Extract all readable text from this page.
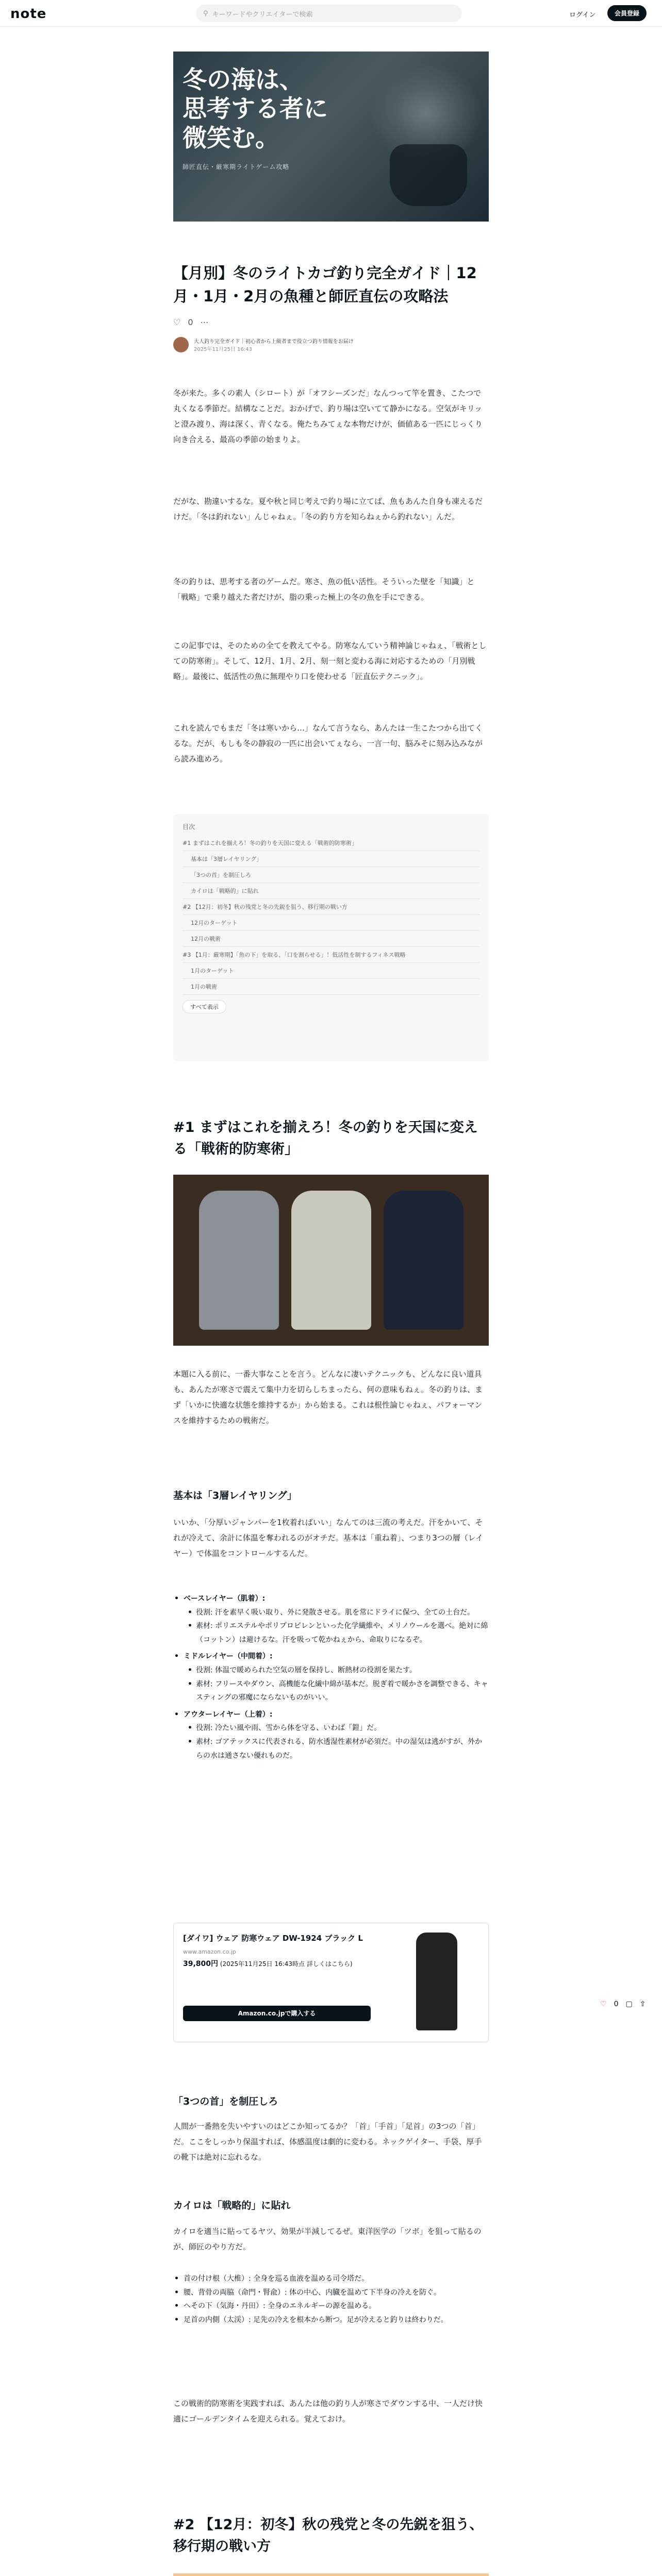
note	⚲ キーワードやクリエイターで検索	ログイン	会員登録
冬の海は、
思考する者に
微笑む。
師匠直伝・厳寒期ライトゲーム攻略
【月別】冬のライトカゴ釣り完全ガイド｜12月・1月・2月の魚種と師匠直伝の攻略法
♡ 0 ⋯
大人釣り完全ガイド｜初心者から上級者まで役立つ釣り情報をお届け
2025年11月25日 16:43
冬が来た。多くの素人（シロート）が「オフシーズンだ」なんつって竿を置き、こたつで丸くなる季節だ。結構なことだ。おかげで、釣り場は空いてて静かになる。空気がキリッと澄み渡り、海は深く、青くなる。俺たちみてぇな本物だけが、価値ある一匹にじっくり向き合える、最高の季節の始まりよ。
だがな、勘違いするな。夏や秋と同じ考えで釣り場に立てば、魚もあんた自身も凍えるだけだ。「冬は釣れない」んじゃねぇ。「冬の釣り方を知らねぇから釣れない」んだ。
冬の釣りは、思考する者のゲームだ。寒さ、魚の低い活性。そういった壁を「知識」と「戦略」で乗り越えた者だけが、脂の乗った極上の冬の魚を手にできる。
この記事では、そのための全てを教えてやる。防寒なんていう精神論じゃねぇ、「戦術としての防寒術」。そして、12月、1月、2月、刻一刻と変わる海に対応するための「月別戦略」。最後に、低活性の魚に無理やり口を使わせる「匠直伝テクニック」。
これを読んでもまだ「冬は寒いから…」なんて言うなら、あんたは一生こたつから出てくるな。だが、もしも冬の静寂の一匹に出会いてぇなら、一言一句、脳みそに刻み込みながら読み進めろ。
目次
#1 まずはこれを揃えろ！冬の釣りを天国に変える「戦術的防寒術」
基本は「3層レイヤリング」
「3つの首」を制圧しろ
カイロは「戦略的」に貼れ
#2 【12月：初冬】秋の残党と冬の先鋭を狙う、移行期の戦い方
12月のターゲット
12月の戦術
#3 【1月：厳寒期】「魚の下」を取る、「口を割らせる」！低活性を制するフィネス戦略
1月のターゲット
1月の戦術
すべて表示
#1 まずはこれを揃えろ！冬の釣りを天国に変える「戦術的防寒術」
本題に入る前に、一番大事なことを言う。どんなに凄いテクニックも、どんなに良い道具も、あんたが寒さで震えて集中力を切らしちまったら、何の意味もねぇ。冬の釣りは、まず「いかに快適な状態を維持するか」から始まる。これは根性論じゃねぇ、パフォーマンスを維持するための戦術だ。
基本は「3層レイヤリング」
いいか、「分厚いジャンパーを1枚着ればいい」なんてのは三流の考えだ。汗をかいて、それが冷えて、余計に体温を奪われるのがオチだ。基本は「重ね着」、つまり3つの層（レイヤー）で体温をコントロールするんだ。
• ベースレイヤー（肌着）:
• 役割: 汗を素早く吸い取り、外に発散させる。肌を常にドライに保つ、全ての土台だ。
• 素材: ポリエステルやポリプロピレンといった化学繊維や、メリノウールを選べ。絶対に綿（コットン）は避けるな。汗を吸って乾かねぇから、命取りになるぞ。
• ミドルレイヤー（中間着）:
• 役割: 体温で暖められた空気の層を保持し、断熱材の役割を果たす。
• 素材: フリースやダウン、高機能な化繊中綿が基本だ。脱ぎ着で暖かさを調整できる、キャスティングの邪魔にならないものがいい。
• アウターレイヤー（上着）:
• 役割: 冷たい風や雨、雪から体を守る、いわば「鎧」だ。
• 素材: ゴアテックスに代表される、防水透湿性素材が必須だ。中の湿気は逃がすが、外からの水は通さない優れものだ。
[ダイワ] ウェア 防寒ウェア DW-1924 ブラック L
www.amazon.co.jp
39,800円 (2025年11月25日 16:43時点 詳しくはこちら)
Amazon.co.jpで購入する
♡ 0 ▢ ⇧
「3つの首」を制圧しろ
人間が一番熱を失いやすいのはどこか知ってるか？「首」「手首」「足首」の3つの「首」だ。ここをしっかり保温すれば、体感温度は劇的に変わる。ネックゲイター、手袋、厚手の靴下は絶対に忘れるな。
カイロは「戦略的」に貼れ
カイロを適当に貼ってるヤツ、効果が半減してるぜ。東洋医学の「ツボ」を狙って貼るのが、師匠のやり方だ。
• 首の付け根（大椎）: 全身を巡る血液を温める司令塔だ。
• 腰、背骨の両脇（命門・腎兪）: 体の中心、内臓を温めて下半身の冷えを防ぐ。
• へその下（気海・丹田）: 全身のエネルギーの源を温める。
• 足首の内側（太渓）: 足先の冷えを根本から断つ。足が冷えると釣りは終わりだ。
この戦術的防寒術を実践すれば、あんたは他の釣り人が寒さでダウンする中、一人だけ快適にゴールデンタイムを迎えられる。覚えておけ。
#2 【12月：初冬】秋の残党と冬の先鋭を狙う、移行期の戦い方
